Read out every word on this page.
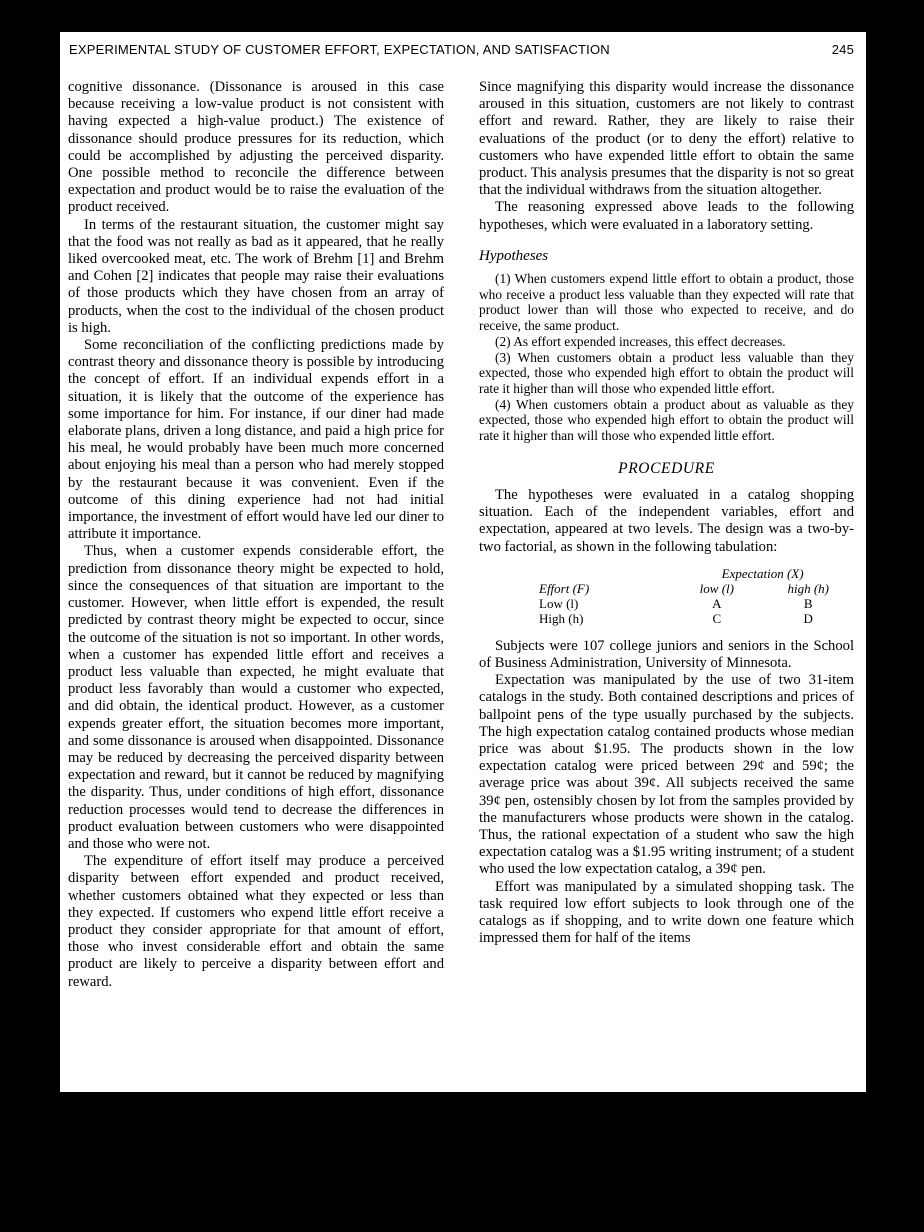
EXPERIMENTAL STUDY OF CUSTOMER EFFORT, EXPECTATION, AND SATISFACTION	245

cognitive dissonance. (Dissonance is aroused in this case because receiving a low-value product is not consistent with having expected a high-value product.) The existence of dissonance should produce pressures for its reduction, which could be accomplished by adjusting the perceived disparity. One possible method to reconcile the difference between expectation and product would be to raise the evaluation of the product received.

In terms of the restaurant situation, the customer might say that the food was not really as bad as it appeared, that he really liked overcooked meat, etc. The work of Brehm [1] and Brehm and Cohen [2] indicates that people may raise their evaluations of those products which they have chosen from an array of products, when the cost to the individual of the chosen product is high.

Some reconciliation of the conflicting predictions made by contrast theory and dissonance theory is possible by introducing the concept of effort. If an individual expends effort in a situation, it is likely that the outcome of the experience has some importance for him. For instance, if our diner had made elaborate plans, driven a long distance, and paid a high price for his meal, he would probably have been much more concerned about enjoying his meal than a person who had merely stopped by the restaurant because it was convenient. Even if the outcome of this dining experience had not had initial importance, the investment of effort would have led our diner to attribute it importance.

Thus, when a customer expends considerable effort, the prediction from dissonance theory might be expected to hold, since the consequences of that situation are important to the customer. However, when little effort is expended, the result predicted by contrast theory might be expected to occur, since the outcome of the situation is not so important. In other words, when a customer has expended little effort and receives a product less valuable than expected, he might evaluate that product less favorably than would a customer who expected, and did obtain, the identical product. However, as a customer expends greater effort, the situation becomes more important, and some dissonance is aroused when disappointed. Dissonance may be reduced by decreasing the perceived disparity between expectation and reward, but it cannot be reduced by magnifying the disparity. Thus, under conditions of high effort, dissonance reduction processes would tend to decrease the differences in product evaluation between customers who were disappointed and those who were not.

The expenditure of effort itself may produce a perceived disparity between effort expended and product received, whether customers obtained what they expected or less than they expected. If customers who expend little effort receive a product they consider appropriate for that amount of effort, those who invest considerable effort and obtain the same product are likely to perceive a disparity between effort and reward.

Since magnifying this disparity would increase the dissonance aroused in this situation, customers are not likely to contrast effort and reward. Rather, they are likely to raise their evaluations of the product (or to deny the effort) relative to customers who have expended little effort to obtain the same product. This analysis presumes that the disparity is not so great that the individual withdraws from the situation altogether.

The reasoning expressed above leads to the following hypotheses, which were evaluated in a laboratory setting.

Hypotheses

(1) When customers expend little effort to obtain a product, those who receive a product less valuable than they expected will rate that product lower than will those who expected to receive, and do receive, the same product.

(2) As effort expended increases, this effect decreases.

(3) When customers obtain a product less valuable than they expected, those who expended high effort to obtain the product will rate it higher than will those who expended little effort.

(4) When customers obtain a product about as valuable as they expected, those who expended high effort to obtain the product will rate it higher than will those who expended little effort.

PROCEDURE

The hypotheses were evaluated in a catalog shopping situation. Each of the independent variables, effort and expectation, appeared at two levels. The design was a two-by-two factorial, as shown in the following tabulation:

	Expectation (X)	
Effort (F)	low (l)	high (h)
Low (l)	A	B
High (h)	C	D

Subjects were 107 college juniors and seniors in the School of Business Administration, University of Minnesota.

Expectation was manipulated by the use of two 31-item catalogs in the study. Both contained descriptions and prices of ballpoint pens of the type usually purchased by the subjects. The high expectation catalog contained products whose median price was about $1.95. The products shown in the low expectation catalog were priced between 29¢ and 59¢; the average price was about 39¢. All subjects received the same 39¢ pen, ostensibly chosen by lot from the samples provided by the manufacturers whose products were shown in the catalog. Thus, the rational expectation of a student who saw the high expectation catalog was a $1.95 writing instrument; of a student who used the low expectation catalog, a 39¢ pen.

Effort was manipulated by a simulated shopping task. The task required low effort subjects to look through one of the catalogs as if shopping, and to write down one feature which impressed them for half of the items
